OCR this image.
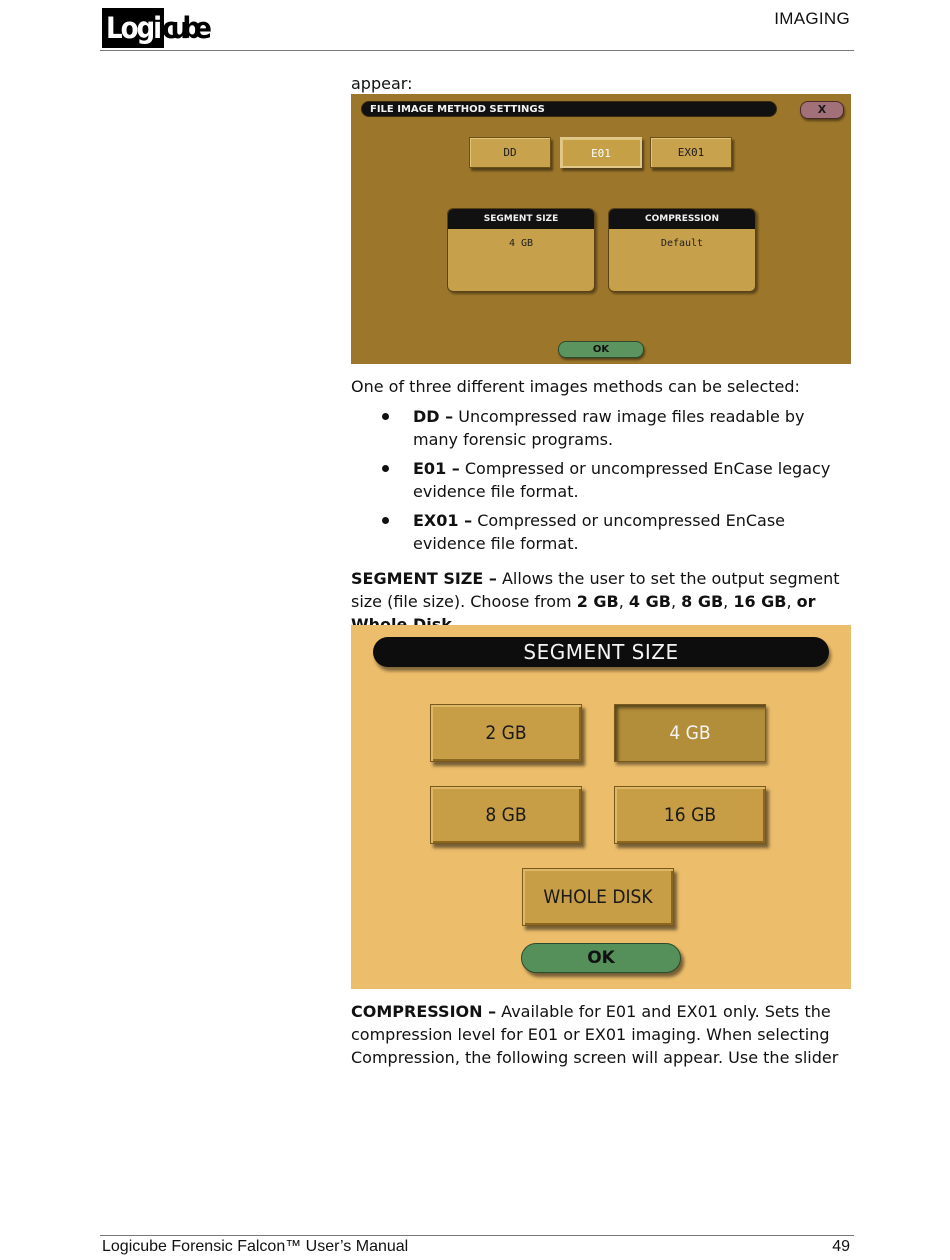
Logi cube	IMAGING
appear:
FILE IMAGE METHOD SETTINGS	X
DD	E01	EX01
SEGMENT SIZE
4 GB
COMPRESSION
Default
OK
One of three different images methods can be selected:
DD – Uncompressed raw image files readable by many forensic programs.
E01 – Compressed or uncompressed EnCase legacy evidence file format.
EX01 – Compressed or uncompressed EnCase evidence file format.
SEGMENT SIZE – Allows the user to set the output segment size (file size). Choose from 2 GB, 4 GB, 8 GB, 16 GB, or
SEGMENT SIZE
2 GB	4 GB
8 GB	16 GB
WHOLE DISK
OK
COMPRESSION – Available for E01 and EX01 only. Sets the compression level for E01 or EX01 imaging. When selecting Compression, the following screen will appear. Use the slider
Logicube Forensic Falcon™ User’s Manual	49
